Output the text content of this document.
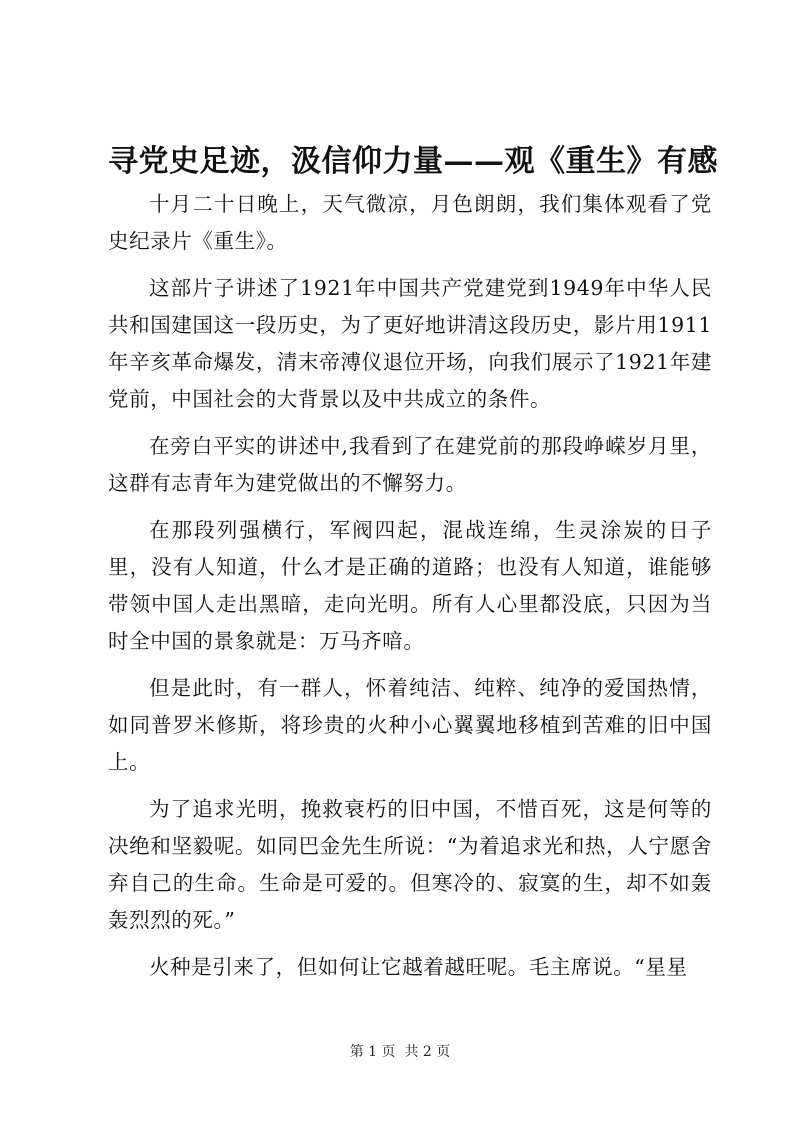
寻党史足迹，汲信仰力量——观《重生》有感

十月二十日晚上，天气微凉，月色朗朗，我们集体观看了党史纪录片《重生》。

这部片子讲述了1921年中国共产党建党到1949年中华人民共和国建国这一段历史，为了更好地讲清这段历史，影片用1911年辛亥革命爆发，清末帝溥仪退位开场，向我们展示了1921年建党前，中国社会的大背景以及中共成立的条件。

在旁白平实的讲述中,我看到了在建党前的那段峥嵘岁月里，这群有志青年为建党做出的不懈努力。

在那段列强横行，军阀四起，混战连绵，生灵涂炭的日子里，没有人知道，什么才是正确的道路；也没有人知道，谁能够带领中国人走出黑暗，走向光明。所有人心里都没底，只因为当时全中国的景象就是：万马齐喑。

但是此时，有一群人，怀着纯洁、纯粹、纯净的爱国热情，如同普罗米修斯，将珍贵的火种小心翼翼地移植到苦难的旧中国上。

为了追求光明，挽救衰朽的旧中国，不惜百死，这是何等的决绝和坚毅呢。如同巴金先生所说：“为着追求光和热，人宁愿舍弃自己的生命。生命是可爱的。但寒冷的、寂寞的生，却不如轰轰烈烈的死。”

火种是引来了，但如何让它越着越旺呢。毛主席说。“星星

第 1 页 共 2 页
